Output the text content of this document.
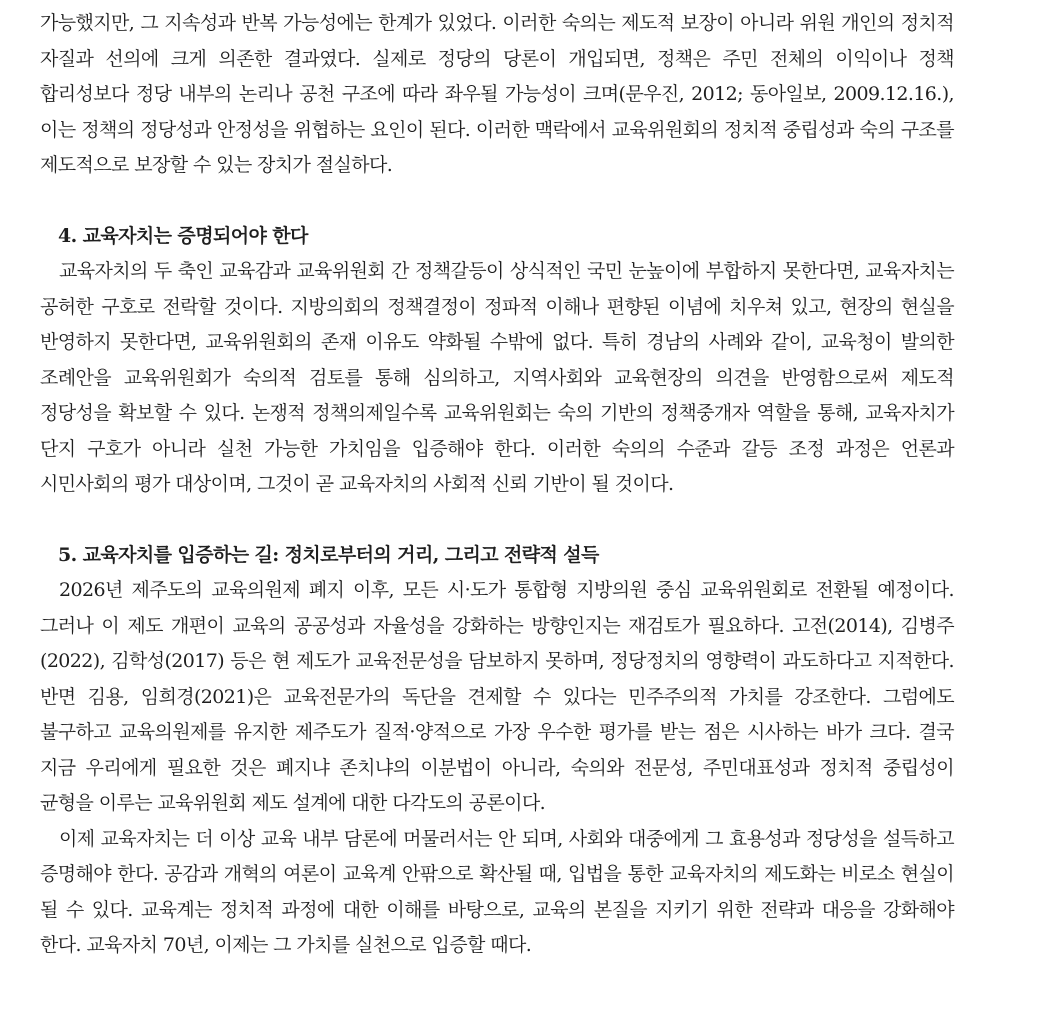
가능했지만, 그 지속성과 반복 가능성에는 한계가 있었다. 이러한 숙의는 제도적 보장이 아니라 위원 개인의 정치적 자질과 선의에 크게 의존한 결과였다. 실제로 정당의 당론이 개입되면, 정책은 주민 전체의 이익이나 정책 합리성보다 정당 내부의 논리나 공천 구조에 따라 좌우될 가능성이 크며(문우진, 2012; 동아일보, 2009.12.16.), 이는 정책의 정당성과 안정성을 위협하는 요인이 된다. 이러한 맥락에서 교육위원회의 정치적 중립성과 숙의 구조를 제도적으로 보장할 수 있는 장치가 절실하다.

4. 교육자치는 증명되어야 한다

교육자치의 두 축인 교육감과 교육위원회 간 정책갈등이 상식적인 국민 눈높이에 부합하지 못한다면, 교육자치는 공허한 구호로 전락할 것이다. 지방의회의 정책결정이 정파적 이해나 편향된 이념에 치우쳐 있고, 현장의 현실을 반영하지 못한다면, 교육위원회의 존재 이유도 약화될 수밖에 없다. 특히 경남의 사례와 같이, 교육청이 발의한 조례안을 교육위원회가 숙의적 검토를 통해 심의하고, 지역사회와 교육현장의 의견을 반영함으로써 제도적 정당성을 확보할 수 있다. 논쟁적 정책의제일수록 교육위원회는 숙의 기반의 정책중개자 역할을 통해, 교육자치가 단지 구호가 아니라 실천 가능한 가치임을 입증해야 한다. 이러한 숙의의 수준과 갈등 조정 과정은 언론과 시민사회의 평가 대상이며, 그것이 곧 교육자치의 사회적 신뢰 기반이 될 것이다.

5. 교육자치를 입증하는 길: 정치로부터의 거리, 그리고 전략적 설득

2026년 제주도의 교육의원제 폐지 이후, 모든 시·도가 통합형 지방의원 중심 교육위원회로 전환될 예정이다. 그러나 이 제도 개편이 교육의 공공성과 자율성을 강화하는 방향인지는 재검토가 필요하다. 고전(2014), 김병주(2022), 김학성(2017) 등은 현 제도가 교육전문성을 담보하지 못하며, 정당정치의 영향력이 과도하다고 지적한다. 반면 김용, 임희경(2021)은 교육전문가의 독단을 견제할 수 있다는 민주주의적 가치를 강조한다. 그럼에도 불구하고 교육의원제를 유지한 제주도가 질적·양적으로 가장 우수한 평가를 받는 점은 시사하는 바가 크다. 결국 지금 우리에게 필요한 것은 폐지냐 존치냐의 이분법이 아니라, 숙의와 전문성, 주민대표성과 정치적 중립성이 균형을 이루는 교육위원회 제도 설계에 대한 다각도의 공론이다.

이제 교육자치는 더 이상 교육 내부 담론에 머물러서는 안 되며, 사회와 대중에게 그 효용성과 정당성을 설득하고 증명해야 한다. 공감과 개혁의 여론이 교육계 안팎으로 확산될 때, 입법을 통한 교육자치의 제도화는 비로소 현실이 될 수 있다. 교육계는 정치적 과정에 대한 이해를 바탕으로, 교육의 본질을 지키기 위한 전략과 대응을 강화해야 한다. 교육자치 70년, 이제는 그 가치를 실천으로 입증할 때다.
